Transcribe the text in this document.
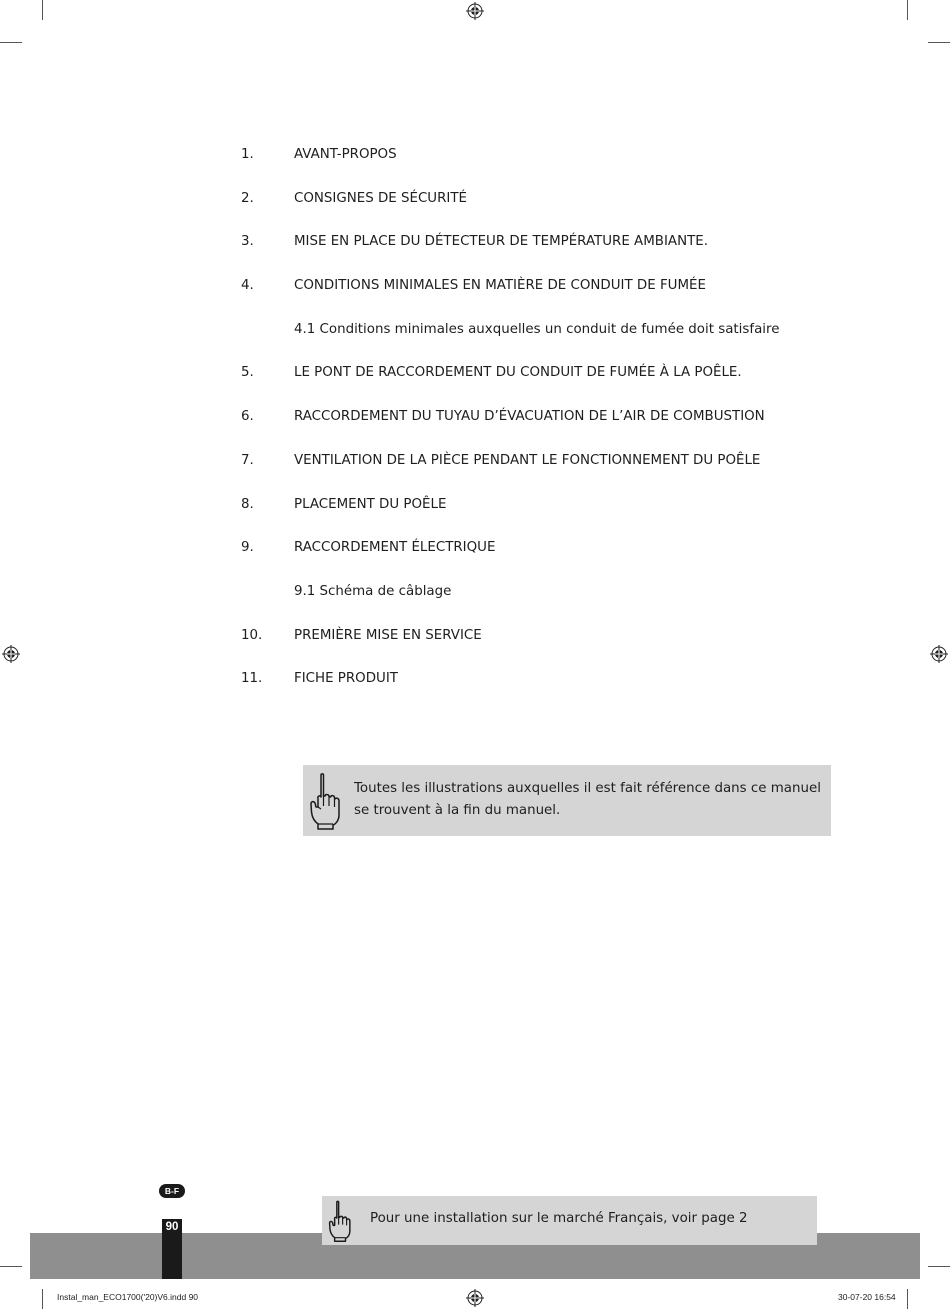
1.	AVANT-PROPOS
2.	CONSIGNES DE SÉCURITÉ
3.	MISE EN PLACE DU DÉTECTEUR DE TEMPÉRATURE AMBIANTE.
4.	CONDITIONS MINIMALES EN MATIÈRE DE CONDUIT DE FUMÉE
4.1 Conditions minimales auxquelles un conduit de fumée doit satisfaire
5.	LE PONT DE RACCORDEMENT DU CONDUIT DE FUMÉE À LA POÊLE.
6.	RACCORDEMENT DU TUYAU D’ÉVACUATION DE L’AIR DE COMBUSTION
7.	VENTILATION DE LA PIÈCE PENDANT LE FONCTIONNEMENT DU POÊLE
8.	PLACEMENT DU POÊLE
9.	RACCORDEMENT ÉLECTRIQUE
9.1 Schéma de câblage
10. PREMIÈRE MISE EN SERVICE
11. FICHE PRODUIT
Toutes les illustrations auxquelles il est fait référence dans ce manuel se trouvent à la fin du manuel.
B-F
90
Pour une installation sur le marché Français, voir page 2
Instal_man_ECO1700('20)V6.indd 90	30-07-20 16:54
